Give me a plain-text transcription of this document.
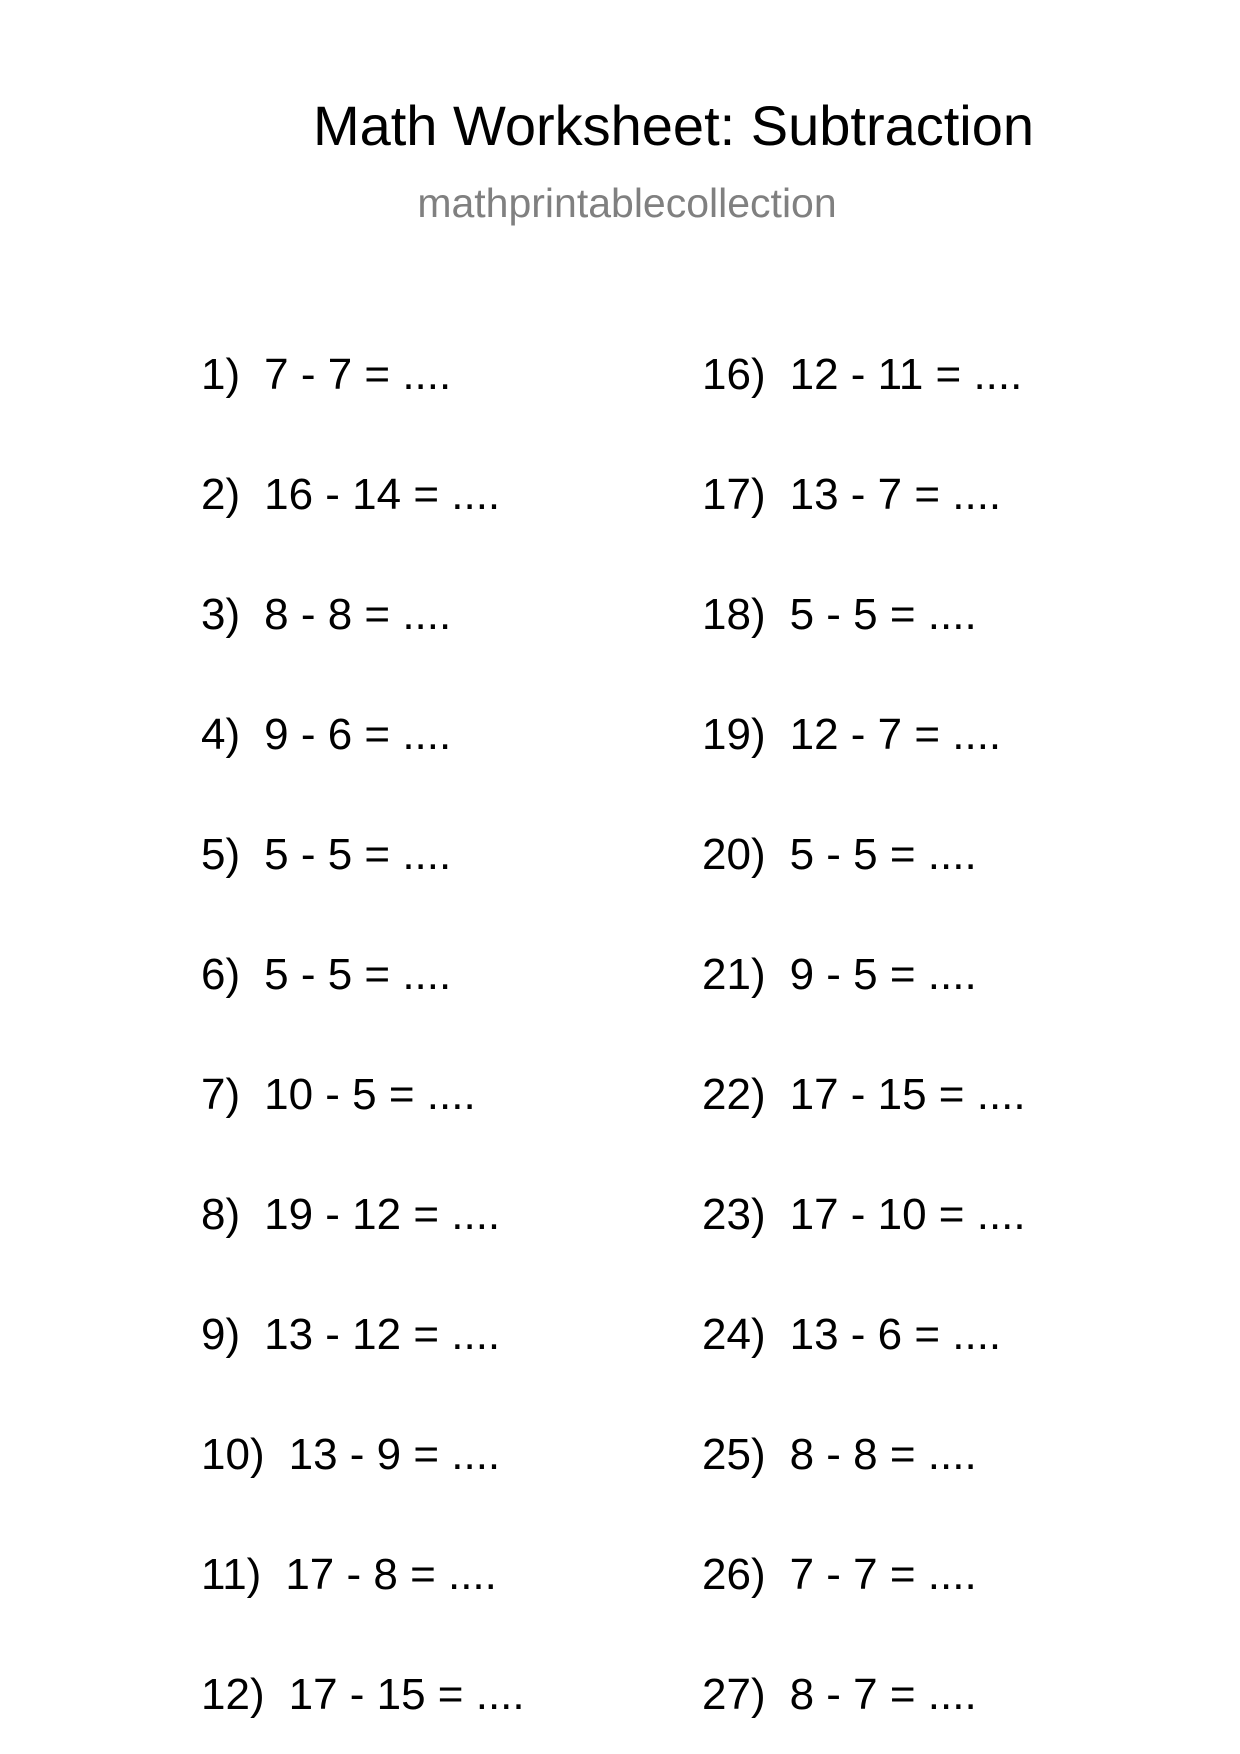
Math Worksheet: Subtraction
mathprintablecollection
1) 7 - 7 = ....
2) 16 - 14 = ....
3) 8 - 8 = ....
4) 9 - 6 = ....
5) 5 - 5 = ....
6) 5 - 5 = ....
7) 10 - 5 = ....
8) 19 - 12 = ....
9) 13 - 12 = ....
10) 13 - 9 = ....
11) 17 - 8 = ....
12) 17 - 15 = ....
16) 12 - 11 = ....
17) 13 - 7 = ....
18) 5 - 5 = ....
19) 12 - 7 = ....
20) 5 - 5 = ....
21) 9 - 5 = ....
22) 17 - 15 = ....
23) 17 - 10 = ....
24) 13 - 6 = ....
25) 8 - 8 = ....
26) 7 - 7 = ....
27) 8 - 7 = ....
